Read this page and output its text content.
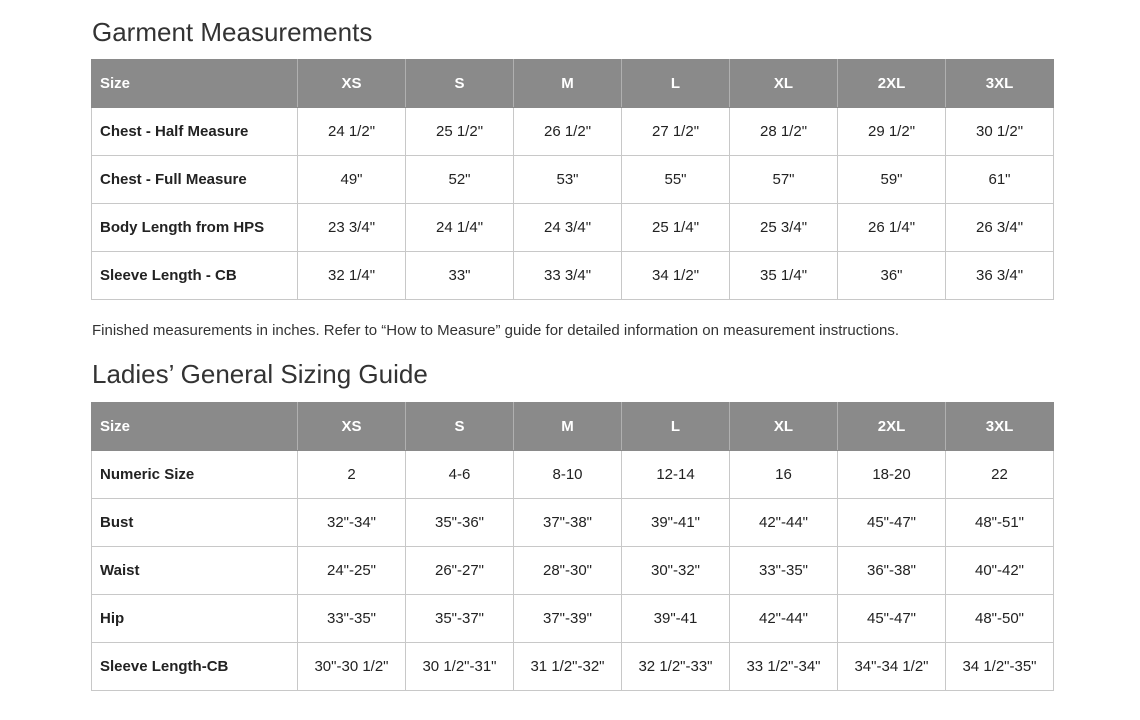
Garment Measurements
Size	XS	S	M	L	XL	2XL	3XL
Chest - Half Measure	24 1/2"	25 1/2"	26 1/2"	27 1/2"	28 1/2"	29 1/2"	30 1/2"
Chest - Full Measure	49"	52"	53"	55"	57"	59"	61"
Body Length from HPS	23 3/4"	24 1/4"	24 3/4"	25 1/4"	25 3/4"	26 1/4"	26 3/4"
Sleeve Length - CB	32 1/4"	33"	33 3/4"	34 1/2"	35 1/4"	36"	36 3/4"

Finished measurements in inches. Refer to “How to Measure” guide for detailed information on measurement instructions.

Ladies’ General Sizing Guide
Size	XS	S	M	L	XL	2XL	3XL
Numeric Size	2	4-6	8-10	12-14	16	18-20	22
Bust	32"-34"	35"-36"	37"-38"	39"-41"	42"-44"	45"-47"	48"-51"
Waist	24"-25"	26"-27"	28"-30"	30"-32"	33"-35"	36"-38"	40"-42"
Hip	33"-35"	35"-37"	37"-39"	39"-41	42"-44"	45"-47"	48"-50"
Sleeve Length-CB	30"-30 1/2"	30 1/2"-31"	31 1/2"-32"	32 1/2"-33"	33 1/2"-34"	34"-34 1/2"	34 1/2"-35"
